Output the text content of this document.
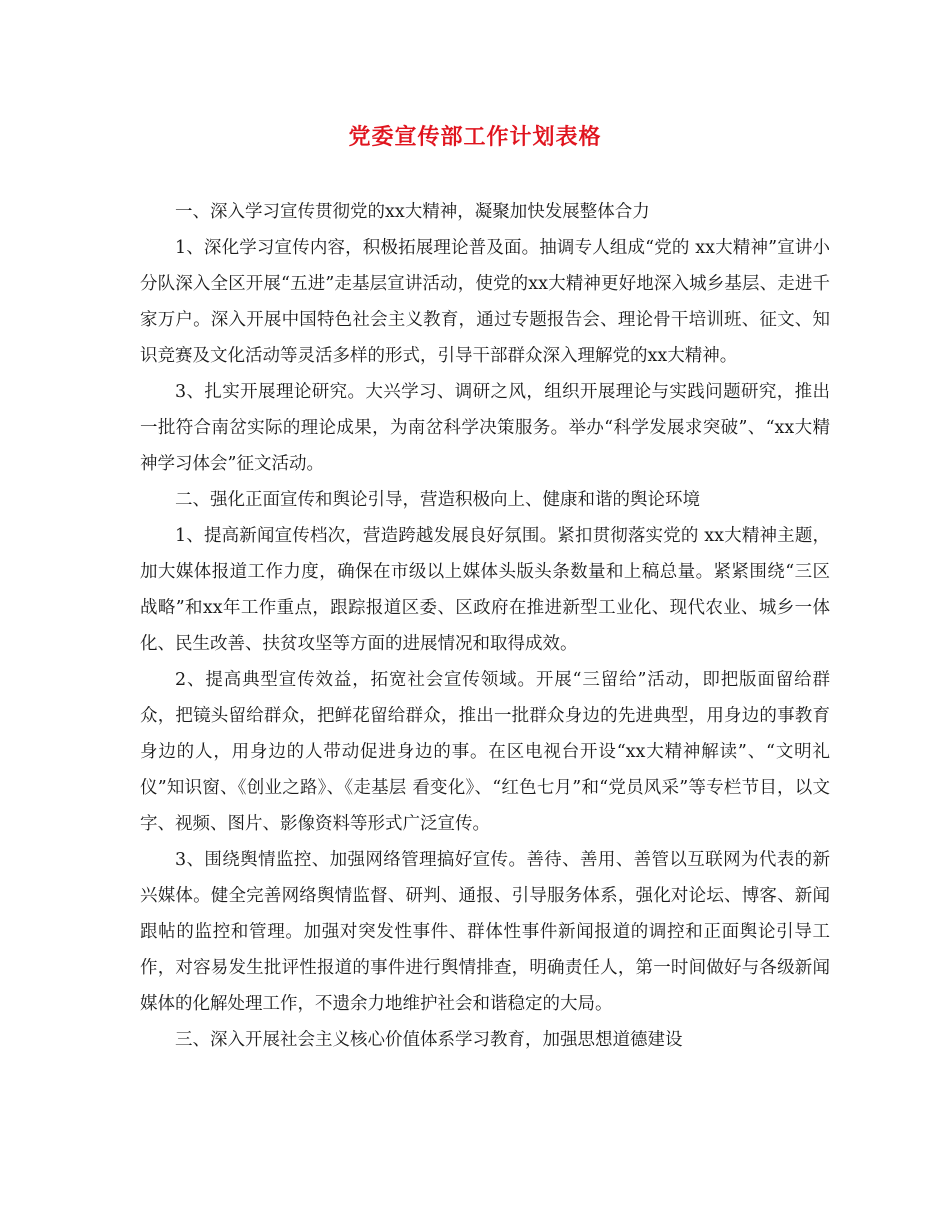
党委宣传部工作计划表格

一、深入学习宣传贯彻党的xx大精神，凝聚加快发展整体合力

1、深化学习宣传内容，积极拓展理论普及面。抽调专人组成“党的 xx大精神”宣讲小分队深入全区开展“五进”走基层宣讲活动，使党的xx大精神更好地深入城乡基层、走进千家万户。深入开展中国特色社会主义教育，通过专题报告会、理论骨干培训班、征文、知识竞赛及文化活动等灵活多样的形式，引导干部群众深入理解党的xx大精神。

3、扎实开展理论研究。大兴学习、调研之风，组织开展理论与实践问题研究，推出一批符合南岔实际的理论成果，为南岔科学决策服务。举办“科学发展求突破”、“xx大精神学习体会”征文活动。

二、强化正面宣传和舆论引导，营造积极向上、健康和谐的舆论环境

1、提高新闻宣传档次，营造跨越发展良好氛围。紧扣贯彻落实党的 xx大精神主题，加大媒体报道工作力度，确保在市级以上媒体头版头条数量和上稿总量。紧紧围绕“三区战略”和xx年工作重点，跟踪报道区委、区政府在推进新型工业化、现代农业、城乡一体化、民生改善、扶贫攻坚等方面的进展情况和取得成效。

2、提高典型宣传效益，拓宽社会宣传领域。开展“三留给”活动，即把版面留给群众，把镜头留给群众，把鲜花留给群众，推出一批群众身边的先进典型，用身边的事教育身边的人，用身边的人带动促进身边的事。在区电视台开设“xx大精神解读”、“文明礼仪”知识窗、《创业之路》、《走基层 看变化》、“红色七月”和“党员风采”等专栏节目，以文字、视频、图片、影像资料等形式广泛宣传。

3、围绕舆情监控、加强网络管理搞好宣传。善待、善用、善管以互联网为代表的新兴媒体。健全完善网络舆情监督、研判、通报、引导服务体系，强化对论坛、博客、新闻跟帖的监控和管理。加强对突发性事件、群体性事件新闻报道的调控和正面舆论引导工作，对容易发生批评性报道的事件进行舆情排查，明确责任人，第一时间做好与各级新闻媒体的化解处理工作，不遗余力地维护社会和谐稳定的大局。

三、深入开展社会主义核心价值体系学习教育，加强思想道德建设
